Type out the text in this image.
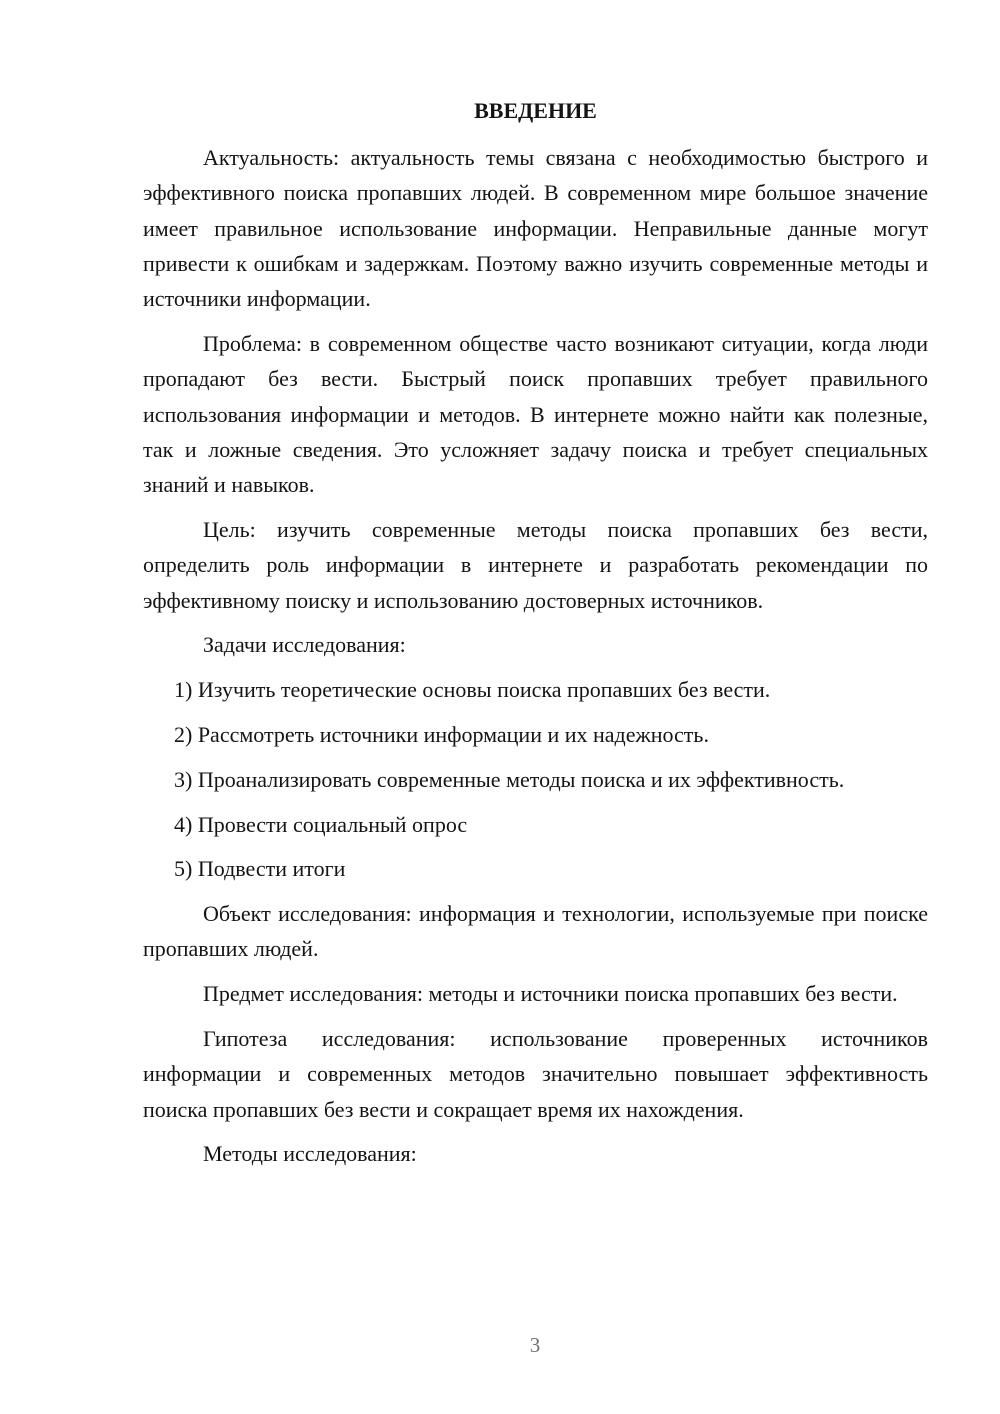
ВВЕДЕНИЕ

Актуальность: актуальность темы связана с необходимостью быстрого и эффективного поиска пропавших людей. В современном мире большое значение имеет правильное использование информации. Неправильные данные могут привести к ошибкам и задержкам. Поэтому важно изучить современные методы и источники информации.

Проблема: в современном обществе часто возникают ситуации, когда люди пропадают без вести. Быстрый поиск пропавших требует правильного использования информации и методов. В интернете можно найти как полезные, так и ложные сведения. Это усложняет задачу поиска и требует специальных знаний и навыков.

Цель: изучить современные методы поиска пропавших без вести, определить роль информации в интернете и разработать рекомендации по эффективному поиску и использованию достоверных источников.

Задачи исследования:

1) Изучить теоретические основы поиска пропавших без вести.

2) Рассмотреть источники информации и их надежность.

3) Проанализировать современные методы поиска и их эффективность.

4) Провести социальный опрос

5) Подвести итоги

Объект исследования: информация и технологии, используемые при поиске пропавших людей.

Предмет исследования: методы и источники поиска пропавших без вести.

Гипотеза исследования: использование проверенных источников информации и современных методов значительно повышает эффективность поиска пропавших без вести и сокращает время их нахождения.

Методы исследования:

3
